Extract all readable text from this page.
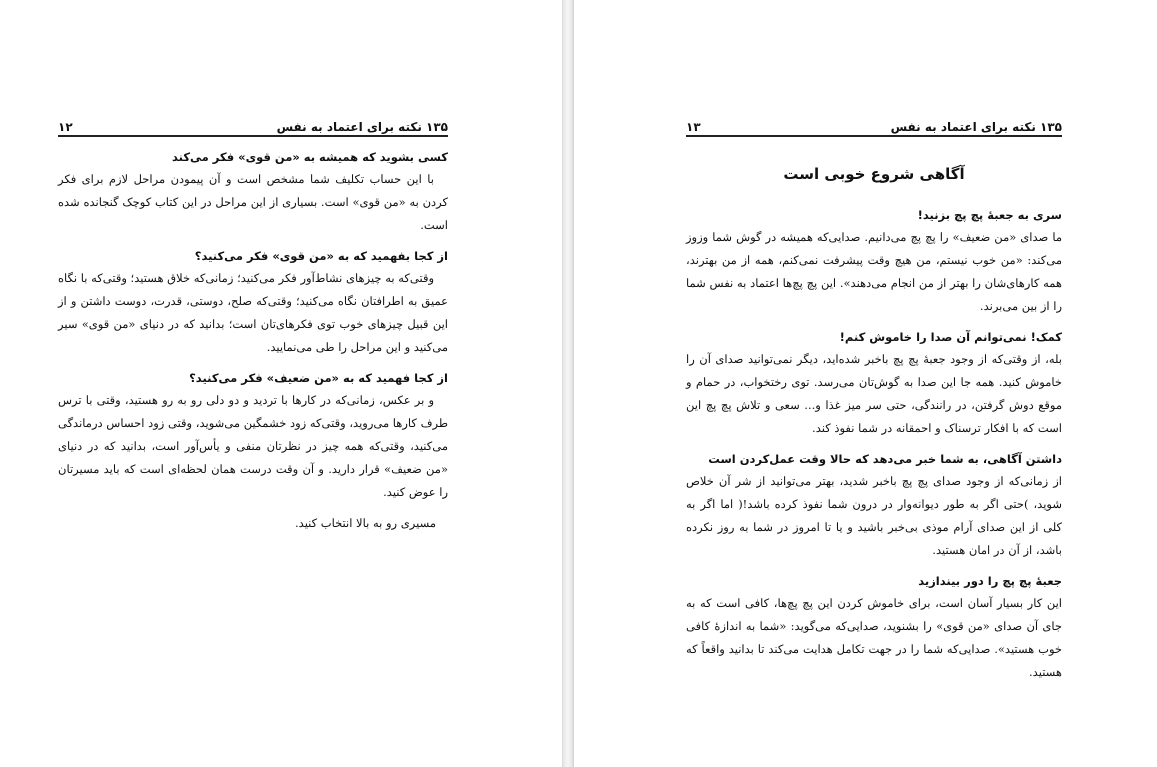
۱۳۵ نکته برای اعتماد به نفس
۱۲

کسی بشوید که همیشه به «من قوی» فکر می‌کند

با این حساب تکلیف شما مشخص است و آن پیمودن مراحل لازم برای فکر کردن به «من قوی» است. بسیاری از این مراحل در این کتاب کوچک گنجانده شده است.

از کجا بفهمید که به «من قوی» فکر می‌کنید؟

وقتی‌که به چیزهای نشاط‌آور فکر می‌کنید؛ زمانی‌که خلاق هستید؛ وقتی‌که با نگاه عمیق به اطرافتان نگاه می‌کنید؛ وقتی‌که صلح، دوستی، قدرت، دوست داشتن و از این قبیل چیزهای خوب توی فکرهای‌تان است؛ بدانید که در دنیای «من قوی» سیر می‌کنید و این مراحل را طی می‌نمایید.

از کجا فهمید که به «من ضعیف» فکر می‌کنید؟

و بر عکس، زمانی‌که در کارها با تردید و دو دلی رو به رو هستید، وقتی با ترس طرف کارها می‌روید، وقتی‌که زود خشمگین می‌شوید، وقتی زود احساس درماندگی می‌کنید، وقتی‌که همه چیز در نظرتان منفی و یأس‌آور است، بدانید که در دنیای «من ضعیف» قرار دارید. و آن وقت درست همان لحظه‌ای است که باید مسیرتان را عوض کنید.

مسیری رو به بالا انتخاب کنید.

۱۳۵ نکته برای اعتماد به نفس
۱۳
آگاهی شروع خوبی است

سری به جعبهٔ پچ پچ بزنید!

ما صدای «من ضعیف» را پچ پچ می‌دانیم. صدایی‌که همیشه در گوش شما وزوز می‌کند: «من خوب نیستم، من هیچ وقت پیشرفت نمی‌کنم، همه از من بهترند، همه کارهای‌شان را بهتر از من انجام می‌دهند». این پچ پچ‌ها اعتماد به نفس شما را از بین می‌برند.

کمک! نمی‌توانم آن صدا را خاموش کنم!

بله، از وقتی‌که از وجود جعبهٔ پچ پچ باخبر شده‌اید، دیگر نمی‌توانید صدای آن را خاموش کنید. همه جا این صدا به گوش‌تان می‌رسد. توی رختخواب، در حمام و موقع دوش گرفتن، در رانندگی، حتی سر میز غذا و... سعی و تلاش پچ پچ این است که با افکار ترسناک و احمقانه در شما نفوذ کند.

داشتن آگاهی، به شما خبر می‌دهد که حالا وقت عمل‌کردن است

از زمانی‌که از وجود صدای پچ پچ باخبر شدید، بهتر می‌توانید از شر آن خلاص شوید، )حتی اگر به طور دیوانه‌وار در درون شما نفوذ کرده باشد!( اما اگر به کلی از این صدای آرام موذی بی‌خبر باشید و یا تا امروز در شما به روز نکرده باشد، از آن در امان هستید.

جعبهٔ پچ پچ را دور بیندازید

این کار بسیار آسان است، برای خاموش کردن این پچ پچ‌ها، کافی است که به جای آن صدای «من قوی» را بشنوید، صدایی‌که می‌گوید: «شما به اندازهٔ کافی خوب هستید». صدایی‌که شما را در جهت تکامل هدایت می‌کند تا بدانید واقعاً که هستید.
